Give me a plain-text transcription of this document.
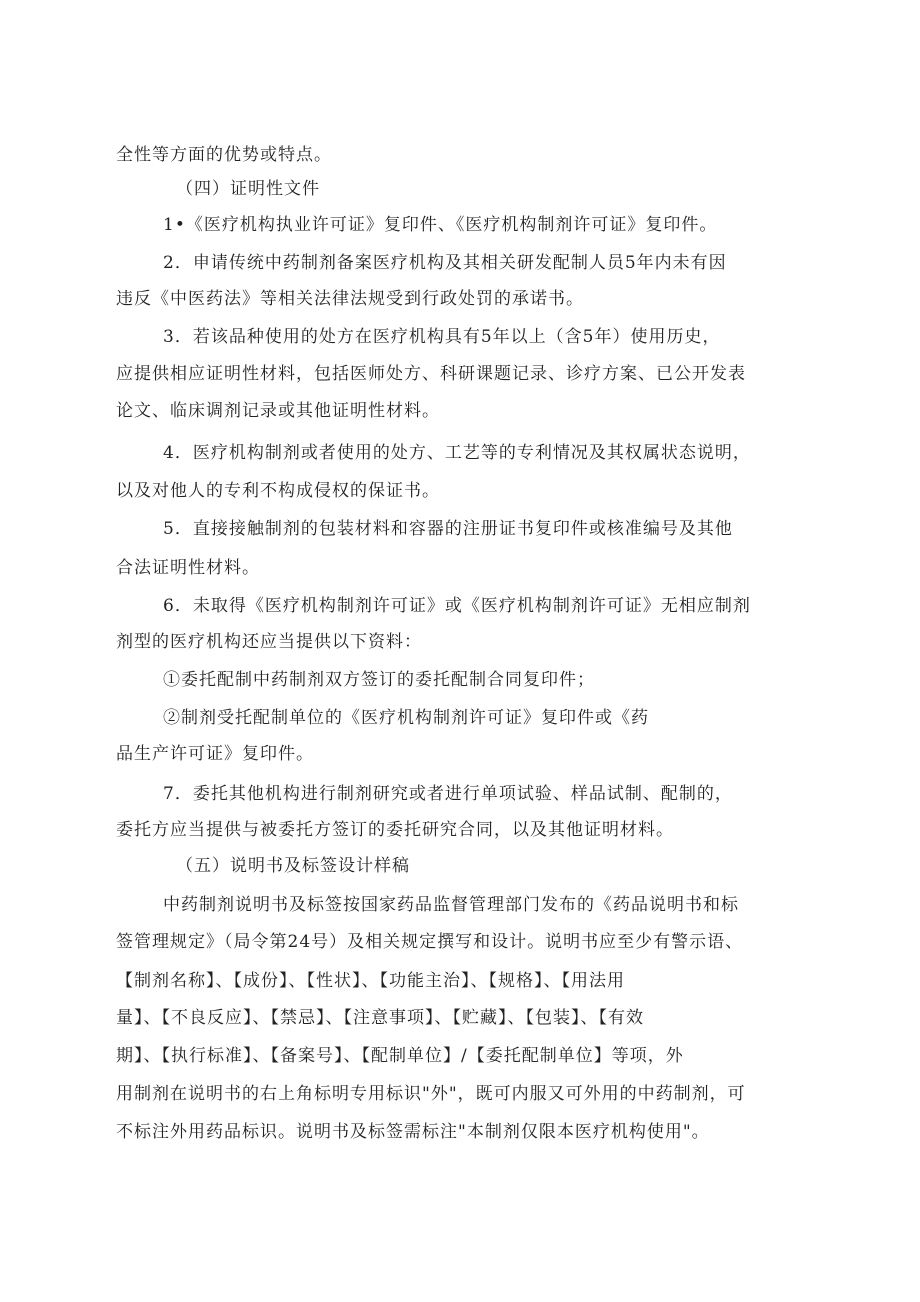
全性等方面的优势或特点。
（四）证明性文件
1•《医疗机构执业许可证》复印件、《医疗机构制剂许可证》复印件。
2．申请传统中药制剂备案医疗机构及其相关研发配制人员5年内未有因
违反《中医药法》等相关法律法规受到行政处罚的承诺书。
3．若该品种使用的处方在医疗机构具有5年以上（含5年）使用历史，
应提供相应证明性材料，包括医师处方、科研课题记录、诊疗方案、已公开发表
论文、临床调剂记录或其他证明性材料。
4．医疗机构制剂或者使用的处方、工艺等的专利情况及其权属状态说明，
以及对他人的专利不构成侵权的保证书。
5．直接接触制剂的包装材料和容器的注册证书复印件或核准编号及其他
合法证明性材料。
6．未取得《医疗机构制剂许可证》或《医疗机构制剂许可证》无相应制剂
剂型的医疗机构还应当提供以下资料：
①委托配制中药制剂双方签订的委托配制合同复印件；
②制剂受托配制单位的《医疗机构制剂许可证》复印件或《药
品生产许可证》复印件。
7．委托其他机构进行制剂研究或者进行单项试验、样品试制、配制的，
委托方应当提供与被委托方签订的委托研究合同，以及其他证明材料。
（五）说明书及标签设计样稿
中药制剂说明书及标签按国家药品监督管理部门发布的《药品说明书和标
签管理规定》（局令第24号）及相关规定撰写和设计。说明书应至少有警示语、
【制剂名称】、【成份】、【性状】、【功能主治】、【规格】、【用法用
量】、【不良反应】、【禁忌】、【注意事项】、【贮藏】、【包装】、【有效
期】、【执行标准】、【备案号】、【配制单位】/【委托配制单位】等项，外
用制剂在说明书的右上角标明专用标识"外"，既可内服又可外用的中药制剂，可
不标注外用药品标识。说明书及标签需标注"本制剂仅限本医疗机构使用"。
